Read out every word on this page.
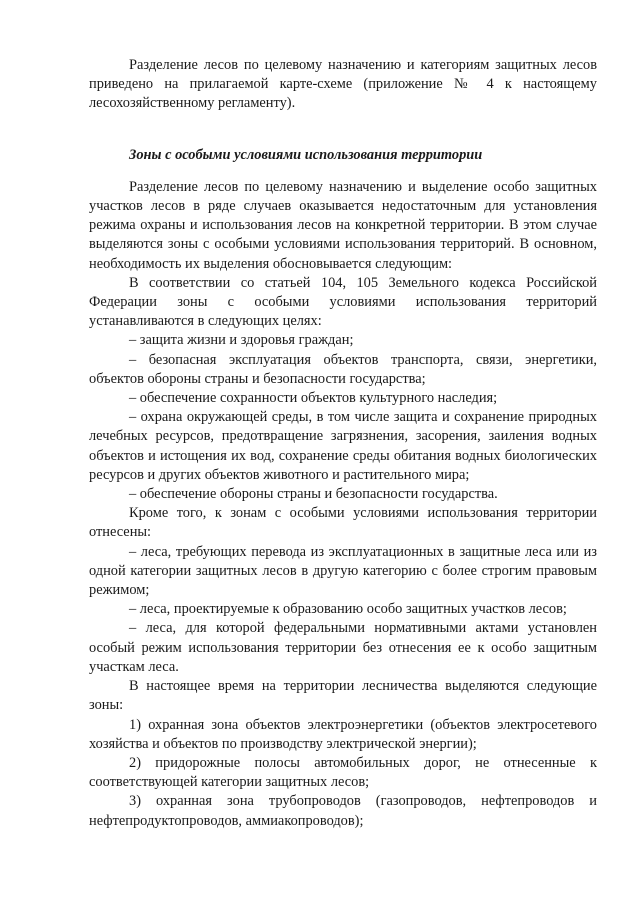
Разделение лесов по целевому назначению и категориям защитных лесов приведено на прилагаемой карте-схеме (приложение № 4 к настоящему лесохозяйственному регламенту).

Зоны с особыми условиями использования территории

Разделение лесов по целевому назначению и выделение особо защитных участков лесов в ряде случаев оказывается недостаточным для установления режима охраны и использования лесов на конкретной территории. В этом случае выделяются зоны с особыми условиями использования территорий. В основном, необходимость их выделения обосновывается следующим:

В соответствии со статьей 104, 105 Земельного кодекса Российской Федерации зоны с особыми условиями использования территорий устанавливаются в следующих целях:

– защита жизни и здоровья граждан;

– безопасная эксплуатация объектов транспорта, связи, энергетики, объектов обороны страны и безопасности государства;

– обеспечение сохранности объектов культурного наследия;

– охрана окружающей среды, в том числе защита и сохранение природных лечебных ресурсов, предотвращение загрязнения, засорения, заиления водных объектов и истощения их вод, сохранение среды обитания водных биологических ресурсов и других объектов животного и растительного мира;

– обеспечение обороны страны и безопасности государства.

Кроме того, к зонам с особыми условиями использования территории отнесены:

– леса, требующих перевода из эксплуатационных в защитные леса или из одной категории защитных лесов в другую категорию с более строгим правовым режимом;

– леса, проектируемые к образованию особо защитных участков лесов;

– леса, для которой федеральными нормативными актами установлен особый режим использования территории без отнесения ее к особо защитным участкам леса.

В настоящее время на территории лесничества выделяются следующие зоны:

1) охранная зона объектов электроэнергетики (объектов электросетевого хозяйства и объектов по производству электрической энергии);

2) придорожные полосы автомобильных дорог, не отнесенные к соответствующей категории защитных лесов;

3) охранная зона трубопроводов (газопроводов, нефтепроводов и нефтепродуктопроводов, аммиакопроводов);
